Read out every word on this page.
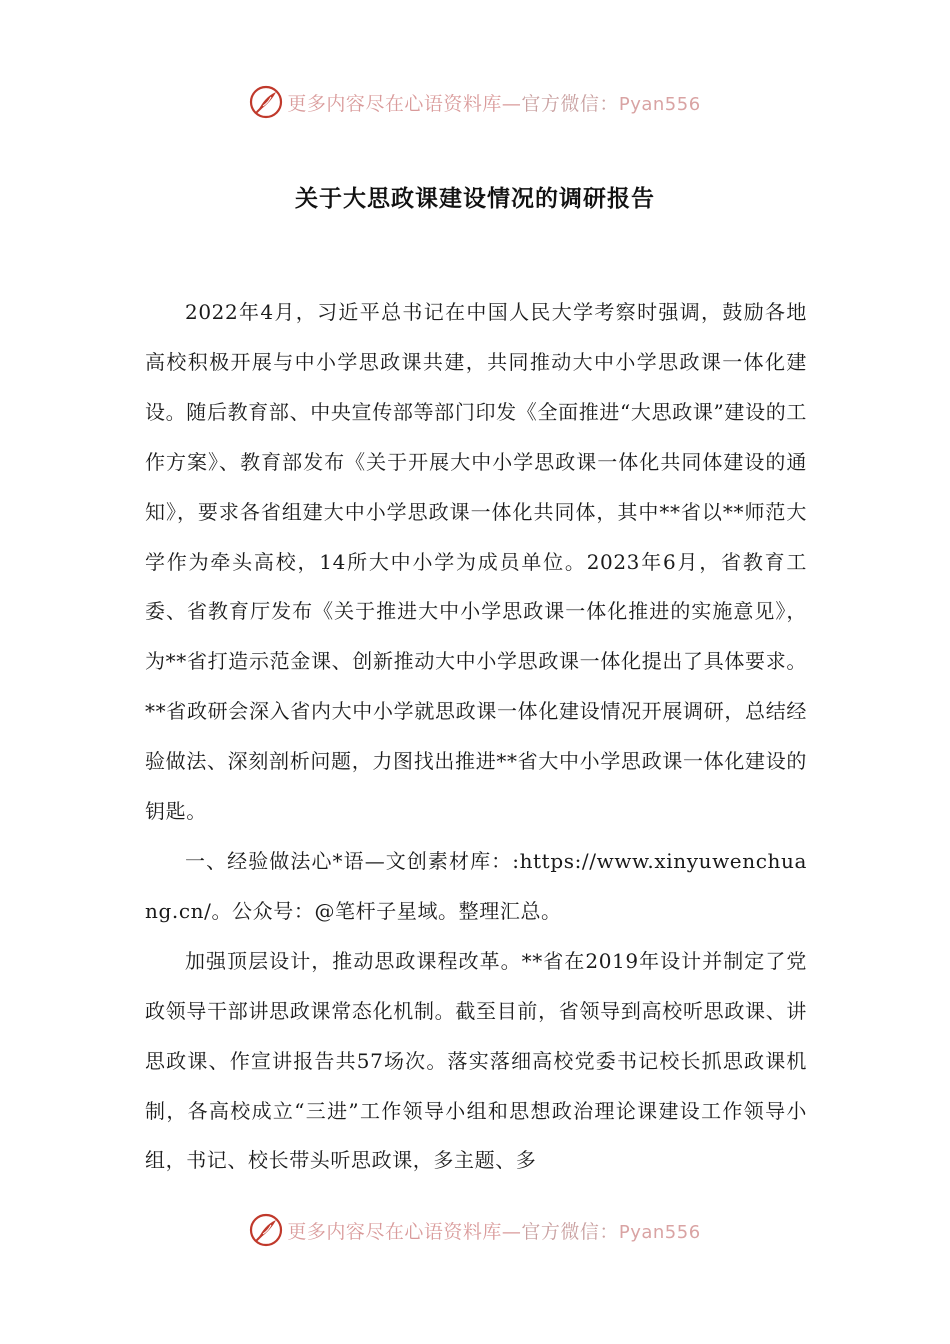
更多内容尽在心语资料库—官方微信：Pyan556
关于大思政课建设情况的调研报告

2022年4月，习近平总书记在中国人民大学考察时强调，鼓励各地高校积极开展与中小学思政课共建，共同推动大中小学思政课一体化建设。随后教育部、中央宣传部等部门印发《全面推进“大思政课”建设的工作方案》、教育部发布《关于开展大中小学思政课一体化共同体建设的通知》，要求各省组建大中小学思政课一体化共同体，其中**省以**师范大学作为牵头高校，14所大中小学为成员单位。2023年6月，省教育工委、省教育厅发布《关于推进大中小学思政课一体化推进的实施意见》，为**省打造示范金课、创新推动大中小学思政课一体化提出了具体要求。**省政研会深入省内大中小学就思政课一体化建设情况开展调研，总结经验做法、深刻剖析问题，力图找出推进**省大中小学思政课一体化建设的钥匙。

一、经验做法心*语—文创素材库：:https://www.xinyuwenchuang.cn/。公众号：@笔杆子星域。整理汇总。

加强顶层设计，推动思政课程改革。**省在2019年设计并制定了党政领导干部讲思政课常态化机制。截至目前，省领导到高校听思政课、讲思政课、作宣讲报告共57场次。落实落细高校党委书记校长抓思政课机制，各高校成立“三进”工作领导小组和思想政治理论课建设工作领导小组，书记、校长带头听思政课，多主题、多

更多内容尽在心语资料库—官方微信：Pyan556
